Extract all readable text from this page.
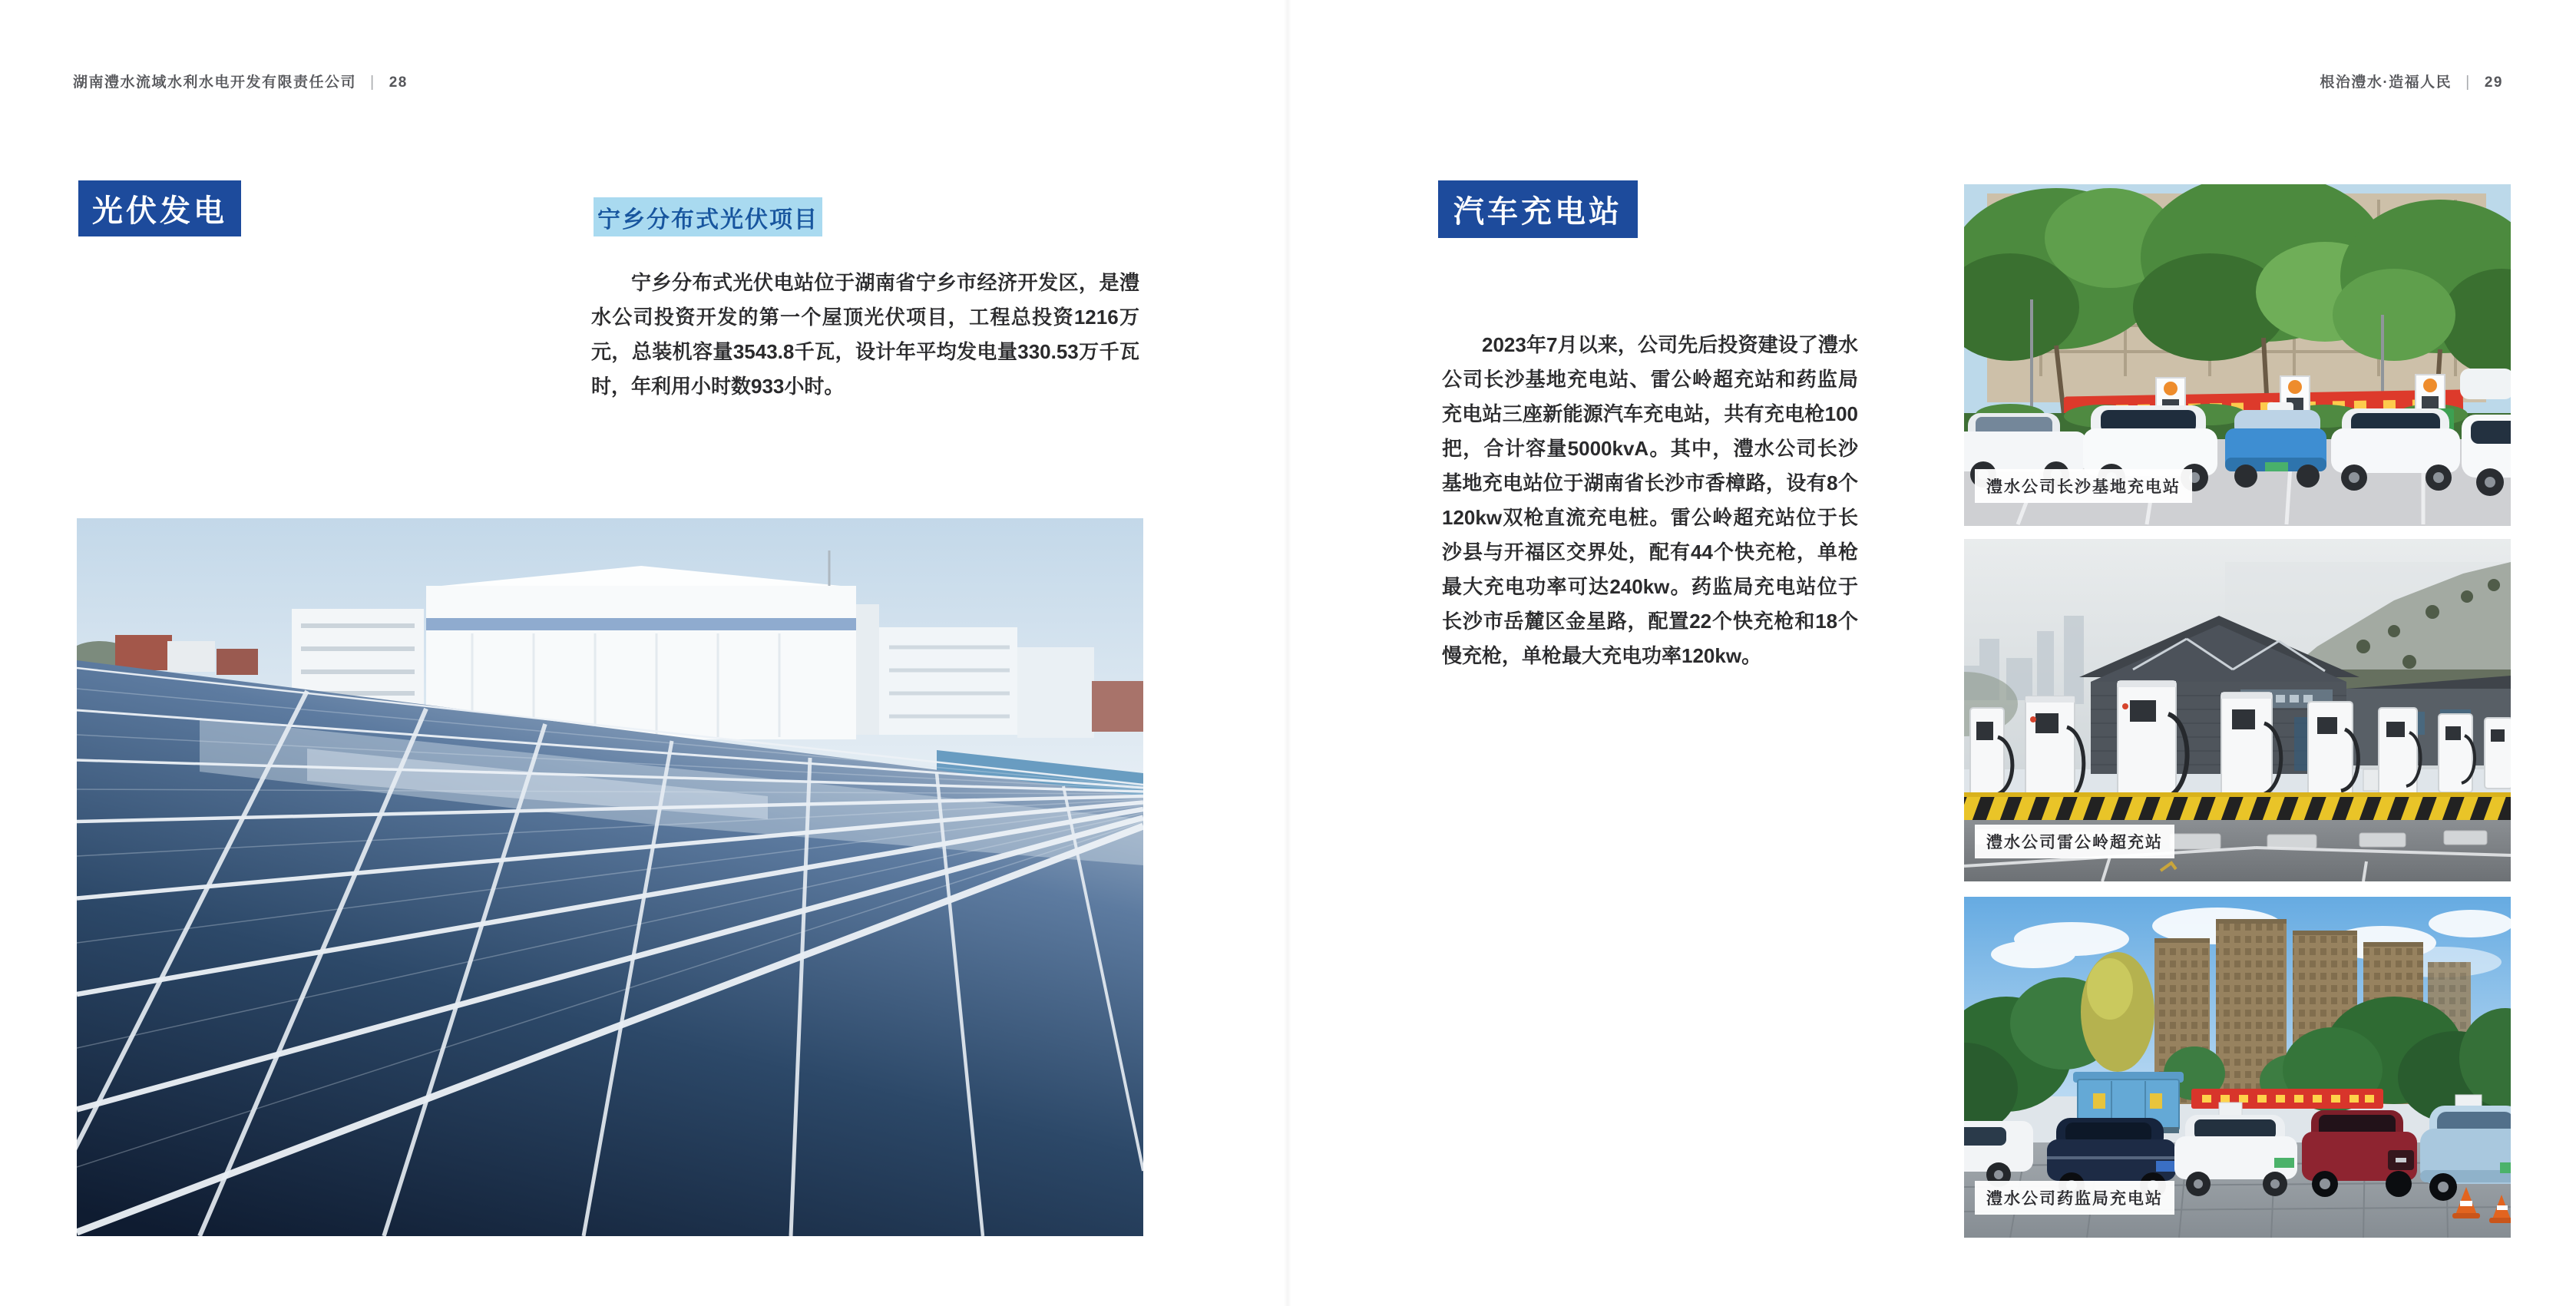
湖南澧水流域水利水电开发有限责任公司 | 28	根治澧水·造福人民 | 29
光伏发电	宁乡分布式光伏项目

宁乡分布式光伏电站位于湖南省宁乡市经济开发区，是澧水公司投资开发的第一个屋顶光伏项目，工程总投资1216万元，总装机容量3543.8千瓦，设计年平均发电量330.53万千瓦时，年利用小时数933小时。

汽车充电站

2023年7月以来，公司先后投资建设了澧水公司长沙基地充电站、雷公岭超充站和药监局充电站三座新能源汽车充电站，共有充电枪100把，合计容量5000kvA。其中，澧水公司长沙基地充电站位于湖南省长沙市香樟路，设有8个120kw双枪直流充电桩。雷公岭超充站位于长沙县与开福区交界处，配有44个快充枪，单枪最大充电功率可达240kw。药监局充电站位于长沙市岳麓区金星路，配置22个快充枪和18个慢充枪，单枪最大充电功率120kw。

澧水公司长沙基地充电站
澧水公司雷公岭超充站
澧水公司药监局充电站
